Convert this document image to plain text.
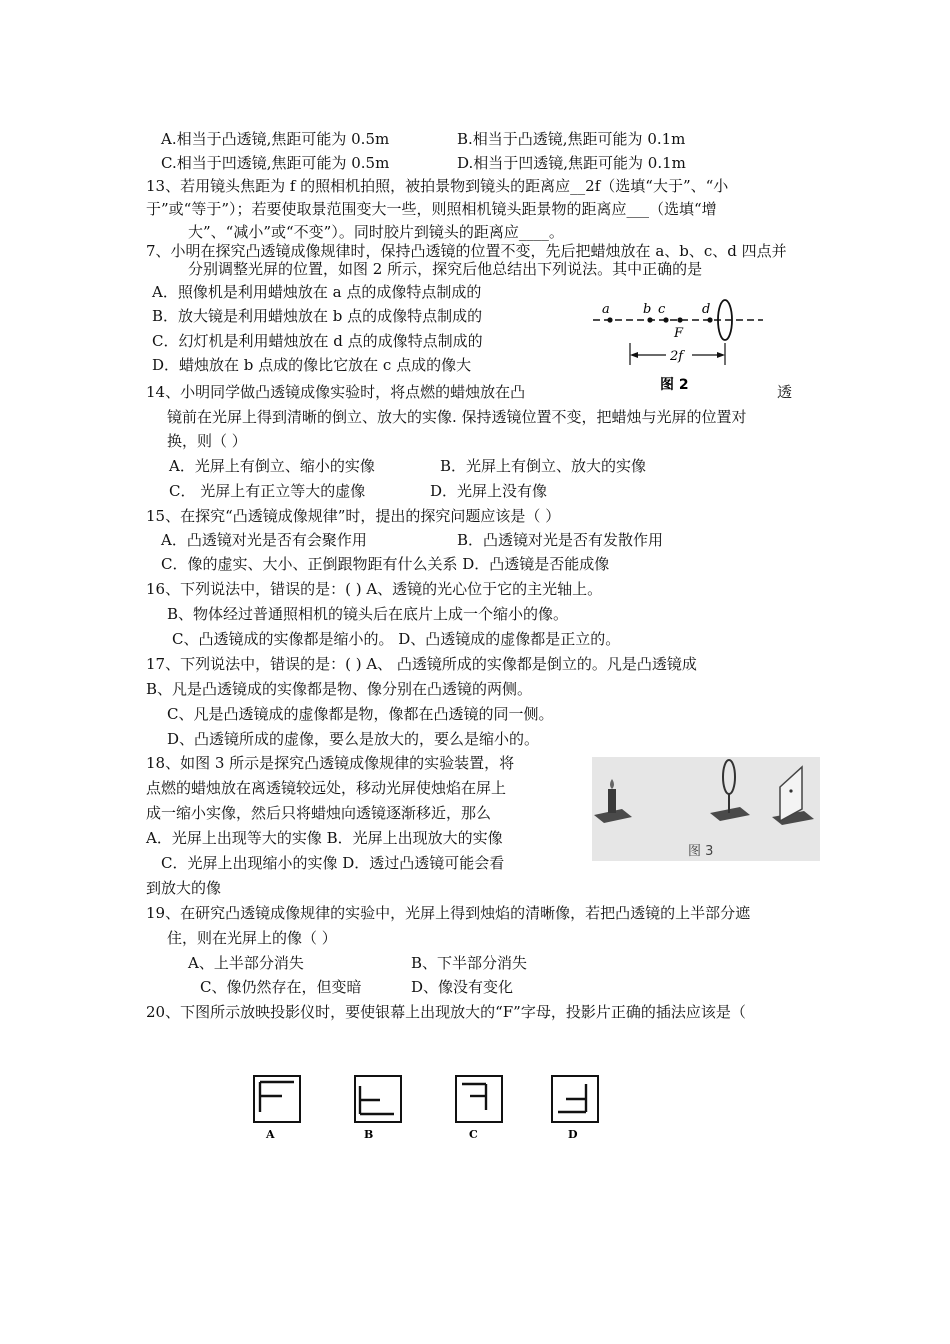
A.相当于凸透镜,焦距可能为 0.5m	B.相当于凸透镜,焦距可能为 0.1m
C.相当于凹透镜,焦距可能为 0.5m	D.相当于凹透镜,焦距可能为 0.1m
13、若用镜头焦距为 f 的照相机拍照，被拍景物到镜头的距离应__2f（选填“大于”、“小
于”或“等于”）；若要使取景范围变大一些，则照相机镜头距景物的距离应___（选填“增
大”、“减小”或“不变”）。同时胶片到镜头的距离应____。
7、小明在探究凸透镜成像规律时，保持凸透镜的位置不变，先后把蜡烛放在 a、b、c、d 四点并
分别调整光屏的位置，如图 2 所示，探究后他总结出下列说法。其中正确的是
A．照像机是利用蜡烛放在 a 点的成像特点制成的
B．放大镜是利用蜡烛放在 b 点的成像特点制成的
C．幻灯机是利用蜡烛放在 d 点的成像特点制成的
D．蜡烛放在 b 点成的像比它放在 c 点成的像大
a	b c	d
F
2f
图 2
14、小明同学做凸透镜成像实验时，将点燃的蜡烛放在凸	透
镜前在光屏上得到清晰的倒立、放大的实像. 保持透镜位置不变，把蜡烛与光屏的位置对
换，则（ ）
A．光屏上有倒立、缩小的实像	B．光屏上有倒立、放大的实像
C． 光屏上有正立等大的虚像	D．光屏上没有像
15、在探究“凸透镜成像规律”时，提出的探究问题应该是（ ）
A．凸透镜对光是否有会聚作用	B．凸透镜对光是否有发散作用
C．像的虚实、大小、正倒跟物距有什么关系 D．凸透镜是否能成像
16、下列说法中，错误的是：( ) A、透镜的光心位于它的主光轴上。
B、物体经过普通照相机的镜头后在底片上成一个缩小的像。
C、凸透镜成的实像都是缩小的。 D、凸透镜成的虚像都是正立的。
17、下列说法中，错误的是：( ) A、 凸透镜所成的实像都是倒立的。凡是凸透镜成
B、凡是凸透镜成的实像都是物、像分别在凸透镜的两侧。
C、凡是凸透镜成的虚像都是物，像都在凸透镜的同一侧。
D、凸透镜所成的虚像，要么是放大的，要么是缩小的。
18、如图 3 所示是探究凸透镜成像规律的实验装置，将
点燃的蜡烛放在离透镜较远处，移动光屏使烛焰在屏上
成一缩小实像，然后只将蜡烛向透镜逐渐移近，那么
A．光屏上出现等大的实像 B．光屏上出现放大的实像
C．光屏上出现缩小的实像 D．透过凸透镜可能会看
到放大的像
图 3
19、在研究凸透镜成像规律的实验中，光屏上得到烛焰的清晰像，若把凸透镜的上半部分遮
住，则在光屏上的像（ ）
A、上半部分消失	B、下半部分消失
C、像仍然存在，但变暗	D、像没有变化
20、下图所示放映投影仪时，要使银幕上出现放大的“F”字母，投影片正确的插法应该是（
A	B	C	D
